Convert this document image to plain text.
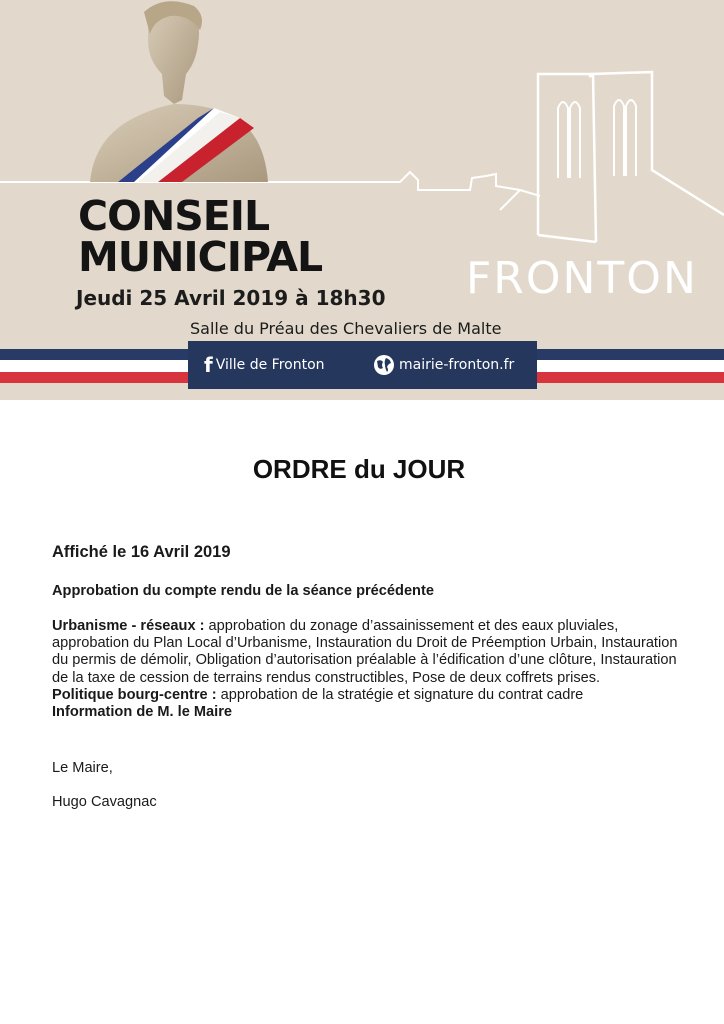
CONSEIL
MUNICIPAL
Jeudi 25 Avril 2019 à 18h30 FRONTON
Salle du Préau des Chevaliers de Malte
f Ville de Fronton	mairie-fronton.fr
ORDRE du JOUR

Affiché le 16 Avril 2019

Approbation du compte rendu de la séance précédente

Urbanisme - réseaux : approbation du zonage d’assainissement et des eaux pluviales, approbation du Plan Local d’Urbanisme, Instauration du Droit de Préemption Urbain, Instauration du permis de démolir, Obligation d’autorisation préalable à l’édification d’une clôture, Instauration de la taxe de cession de terrains rendus constructibles, Pose de deux coffrets prises.

Politique bourg-centre : approbation de la stratégie et signature du contrat cadre

Information de M. le Maire

Le Maire,

Hugo Cavagnac
